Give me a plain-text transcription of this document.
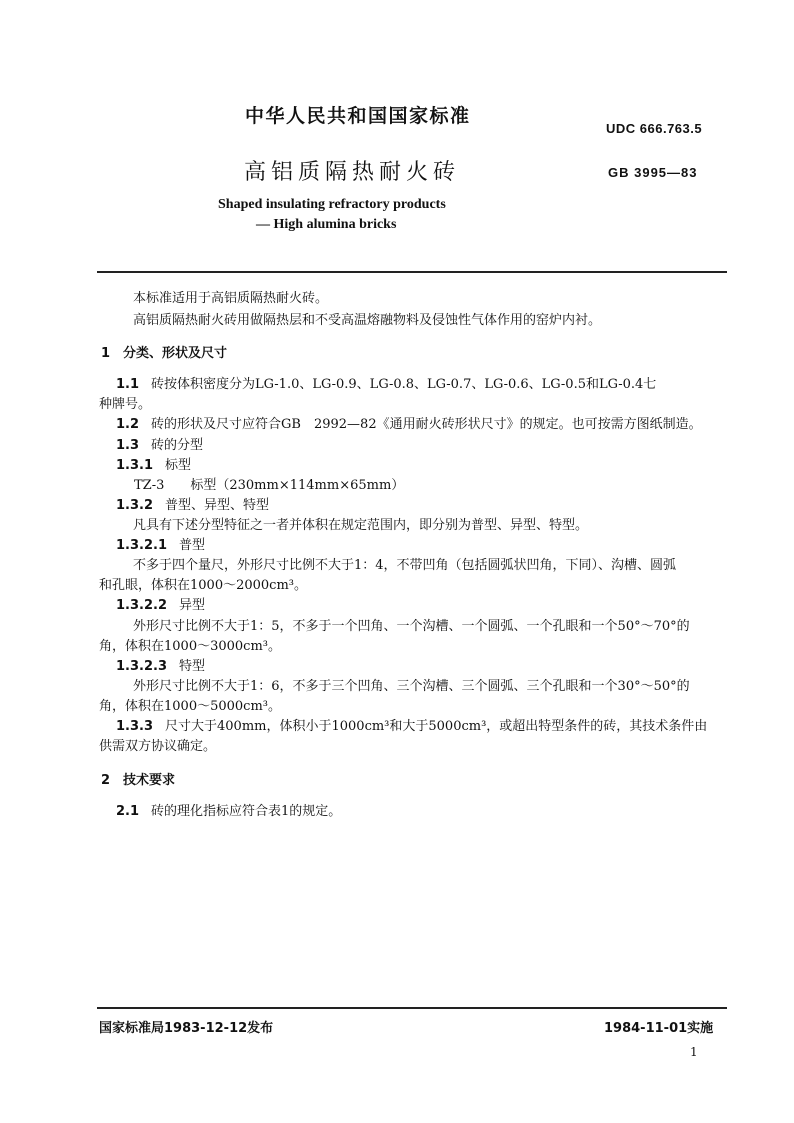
中华人民共和国国家标准
UDC 666.763.5
高铝质隔热耐火砖	GB 3995—83
Shaped insulating refractory products
— High alumina bricks
本标准适用于高铝质隔热耐火砖。
高铝质隔热耐火砖用做隔热层和不受高温熔融物料及侵蚀性气体作用的窑炉内衬。
1　分类、形状及尺寸
1.1 砖按体积密度分为LG-1.0、LG-0.9、LG-0.8、LG-0.7、LG-0.6、LG-0.5和LG-0.4七
种牌号。
1.2 砖的形状及尺寸应符合GB　2992—82《通用耐火砖形状尺寸》的规定。也可按需方图纸制造。
1.3 砖的分型
1.3.1 标型
TZ-3　　标型（230mm×114mm×65mm）
1.3.2 普型、异型、特型
凡具有下述分型特征之一者并体积在规定范围内，即分别为普型、异型、特型。
1.3.2.1 普型
不多于四个量尺，外形尺寸比例不大于1：4，不带凹角（包括圆弧状凹角，下同）、沟槽、圆弧
和孔眼，体积在1000～2000cm³。
1.3.2.2 异型
外形尺寸比例不大于1：5，不多于一个凹角、一个沟槽、一个圆弧、一个孔眼和一个50°～70°的
角，体积在1000～3000cm³。
1.3.2.3 特型
外形尺寸比例不大于1：6，不多于三个凹角、三个沟槽、三个圆弧、三个孔眼和一个30°～50°的
角，体积在1000～5000cm³。
1.3.3 尺寸大于400mm，体积小于1000cm³和大于5000cm³，或超出特型条件的砖，其技术条件由
供需双方协议确定。
2　技术要求
2.1 砖的理化指标应符合表1的规定。
国家标准局1983-12-12发布	1984-11-01实施
1
